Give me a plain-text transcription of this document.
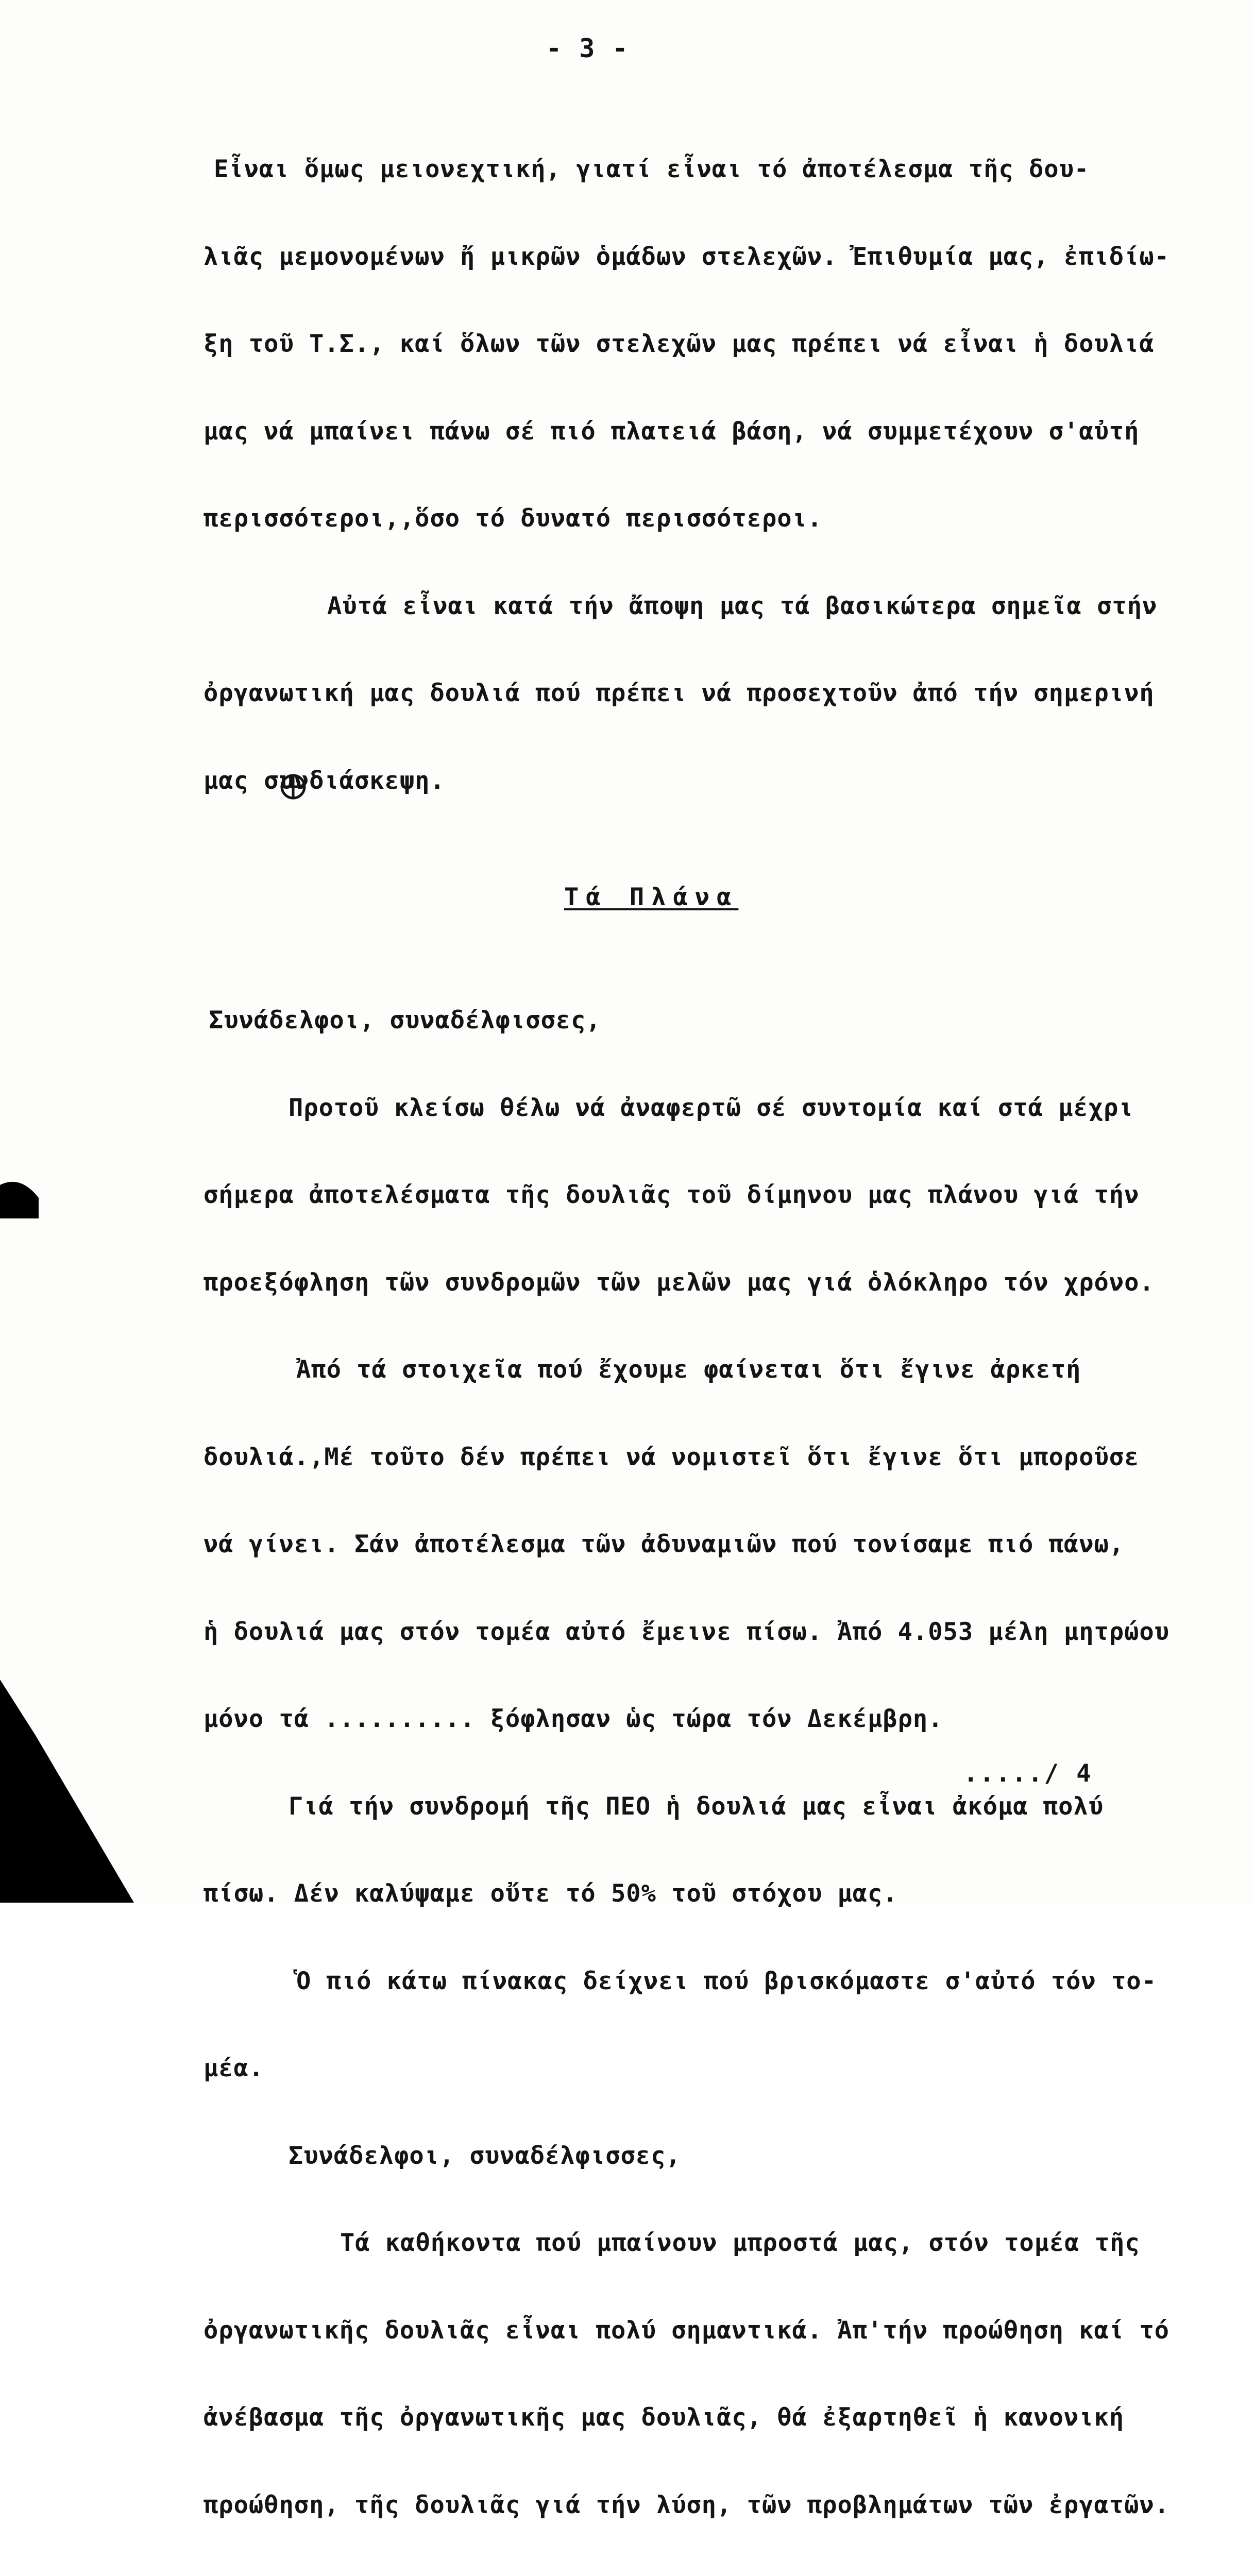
- 3 -

Εἶναι ὅμως μειονεχτική, γιατί εἶναι τό ἀποτέλεσμα τῆς δου-

λιᾶς μεμονομένων ἤ μικρῶν ὁμάδων στελεχῶν. Ἐπιθυμία μας, ἐπιδίω-

ξη τοῦ Τ.Σ., καί ὅλων τῶν στελεχῶν μας πρέπει νά εἶναι ἡ δουλιά

μας νά μπαίνει πάνω σέ πιό πλατειά βάση, νά συμμετέχουν σ'αὐτή

περισσότεροι,,ὅσο τό δυνατό περισσότεροι.

Αὐτά εἶναι κατά τήν ἄποψη μας τά βασικώτερα σημεῖα στήν

ὀργανωτική μας δουλιά πού πρέπει νά προσεχτοῦν ἀπό τήν σημερινή

μας συνδιάσκεψη.

Τά Πλάνα

Συνάδελφοι, συναδέλφισσες,

Προτοῦ κλείσω θέλω νά ἀναφερτῶ σέ συντομία καί στά μέχρι

σήμερα ἀποτελέσματα τῆς δουλιᾶς τοῦ δίμηνου μας πλάνου γιά τήν

προεξόφληση τῶν συνδρομῶν τῶν μελῶν μας γιά ὁλόκληρο τόν χρόνο.

Ἀπό τά στοιχεῖα πού ἔχουμε φαίνεται ὅτι ἔγινε ἀρκετή

δουλιά.,Μέ τοῦτο δέν πρέπει νά νομιστεῖ ὅτι ἔγινε ὅτι μποροῦσε

νά γίνει. Σάν ἀποτέλεσμα τῶν ἀδυναμιῶν πού τονίσαμε πιό πάνω,

ἡ δουλιά μας στόν τομέα αὐτό ἔμεινε πίσω. Ἀπό 4.053 μέλη μητρώου

μόνο τά .......... ξόφλησαν ὡς τώρα τόν Δεκέμβρη.

Γιά τήν συνδρομή τῆς ΠΕΟ ἡ δουλιά μας εἶναι ἀκόμα πολύ

πίσω. Δέν καλύψαμε οὔτε τό 50% τοῦ στόχου μας.

Ὁ πιό κάτω πίνακας δείχνει πού βρισκόμαστε σ'αὐτό τόν το-

μέα.

Συνάδελφοι, συναδέλφισσες,

Τά καθήκοντα πού μπαίνουν μπροστά μας, στόν τομέα τῆς

ὀργανωτικῆς δουλιᾶς εἶναι πολύ σημαντικά. Ἀπ'τήν προώθηση καί τό

ἀνέβασμα τῆς ὀργανωτικῆς μας δουλιᾶς, θά ἐξαρτηθεῖ ἡ κανονική

προώθηση, τῆς δουλιᾶς γιά τήν λύση, τῶν προβλημάτων τῶν ἐργατῶν.

...../ 4
